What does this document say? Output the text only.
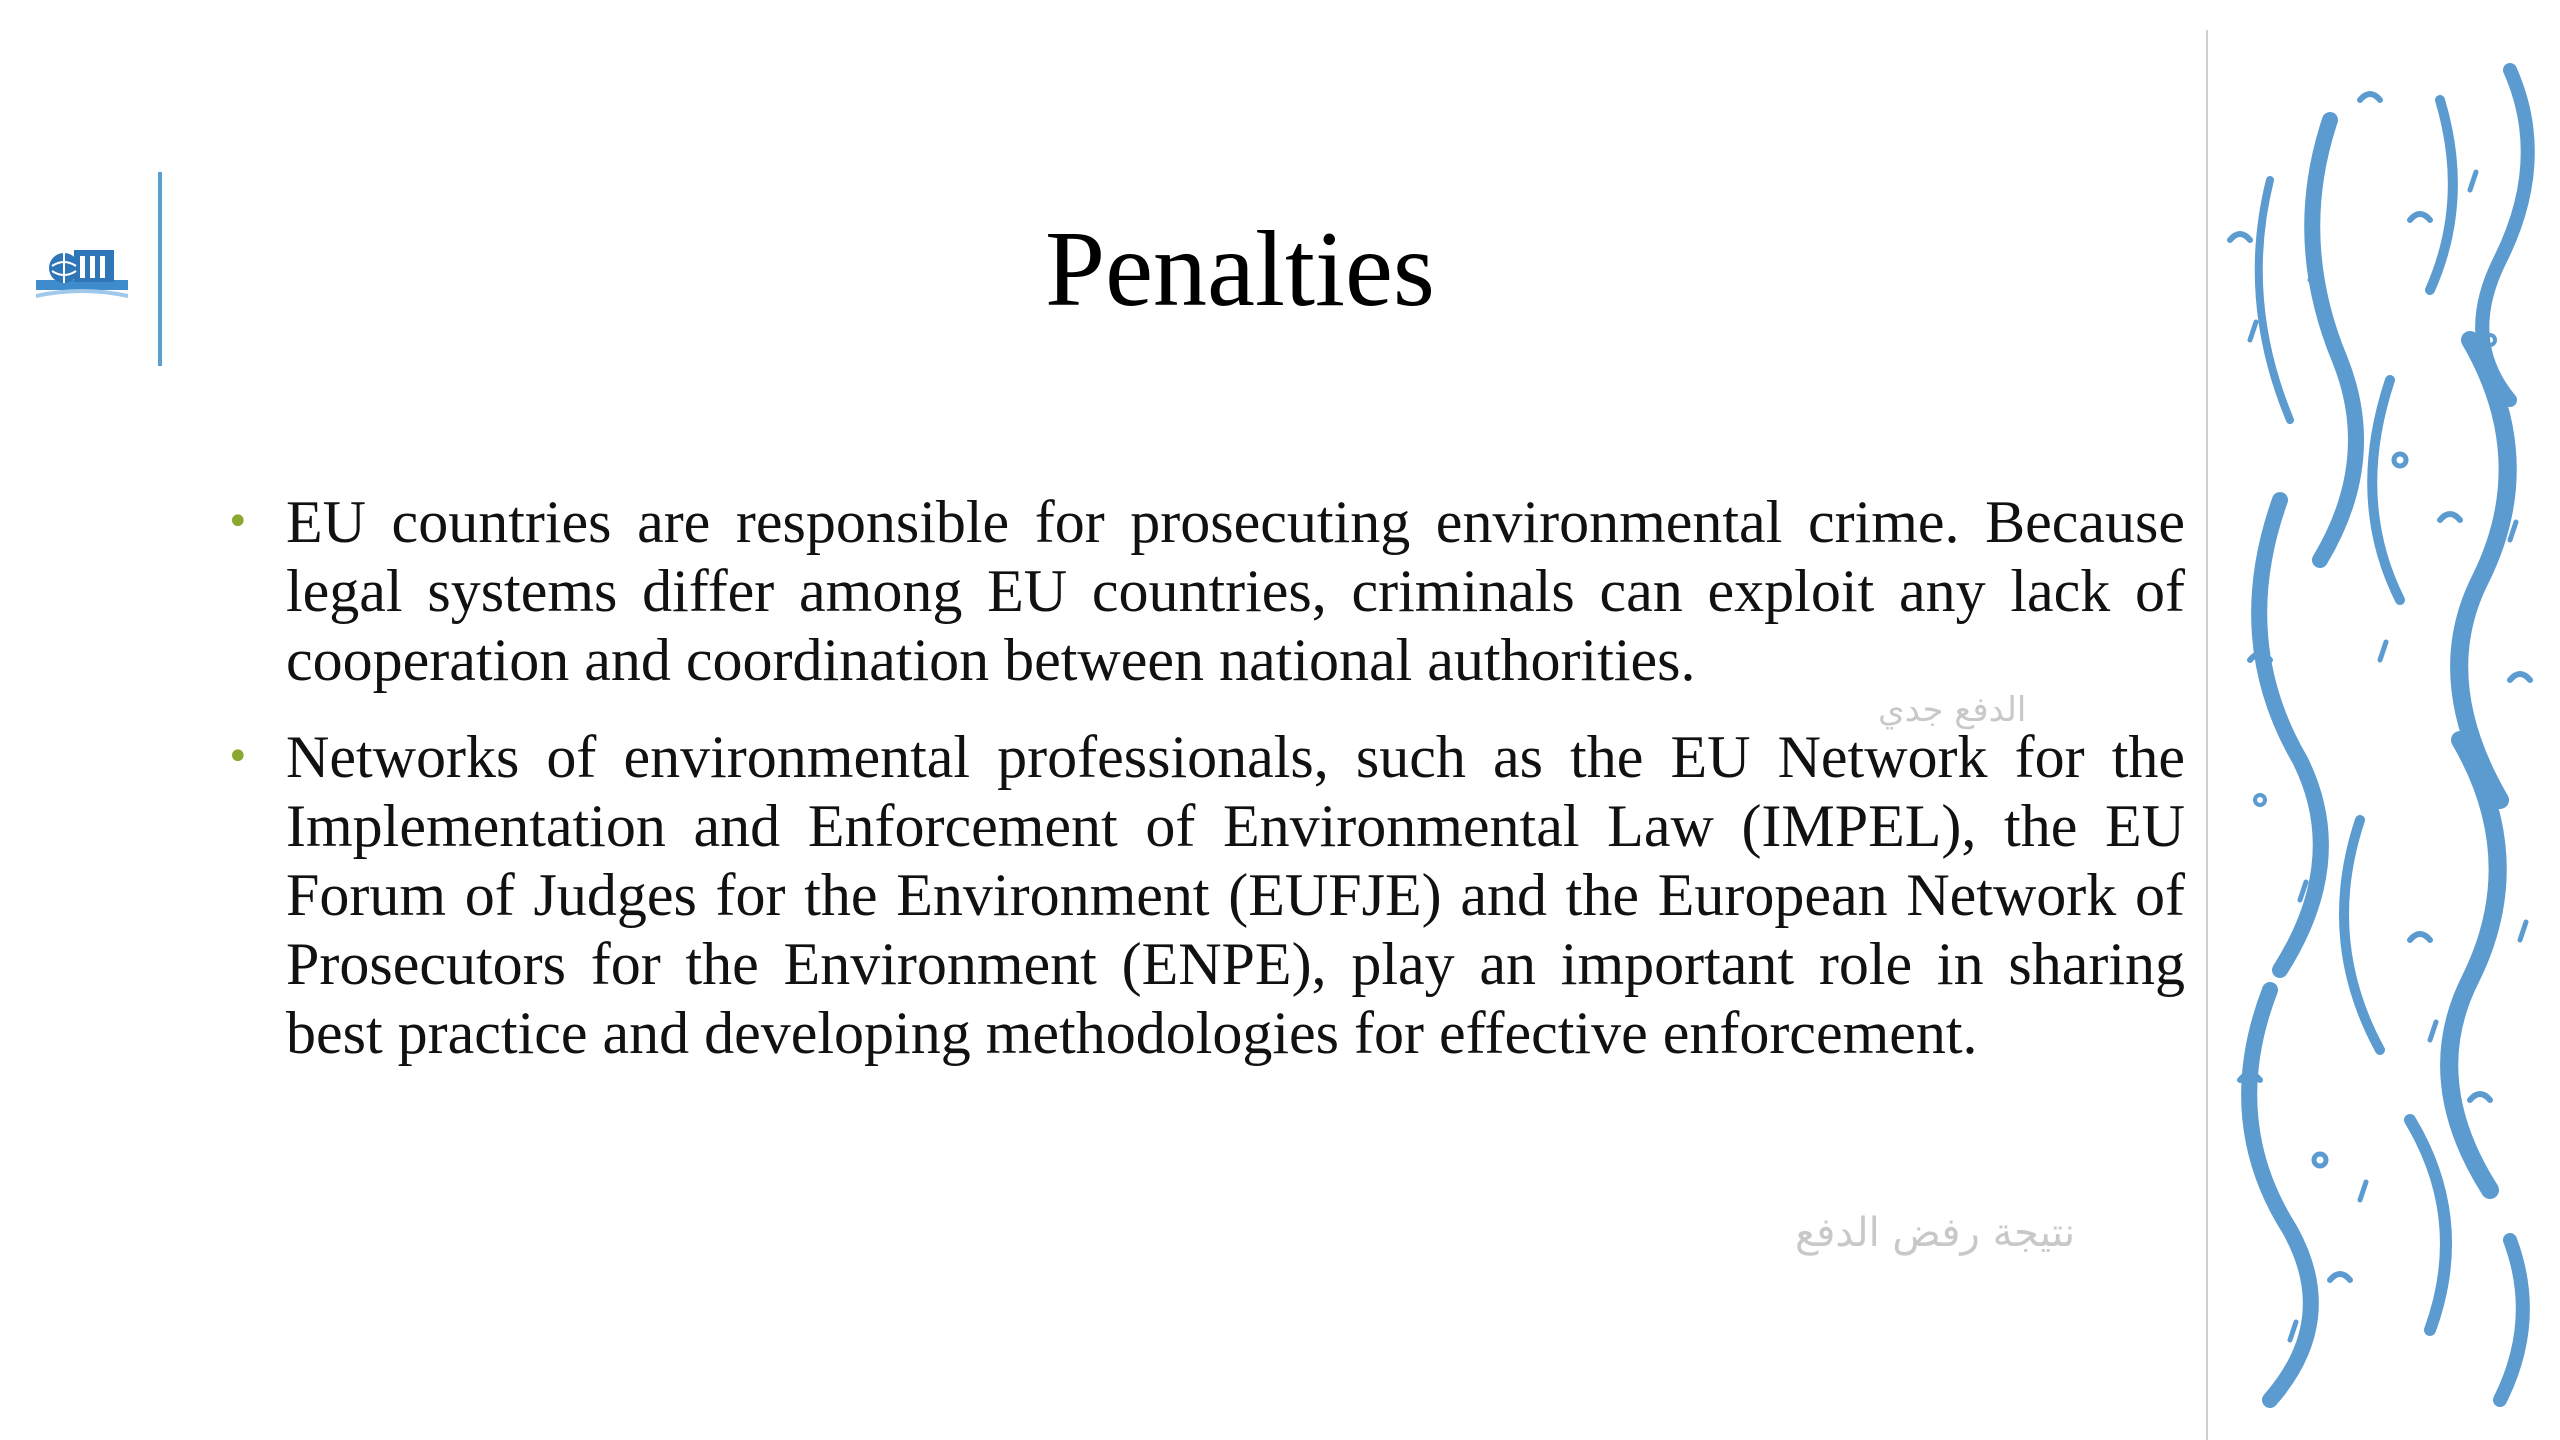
Penalties
• EU countries are responsible for prosecuting environmental crime. Because legal systems differ among EU countries, criminals can exploit any lack of cooperation and coordination between national authorities.
• Networks of environmental professionals, such as the EU Network for the Implementation and Enforcement of Environmental Law (IMPEL), the EU Forum of Judges for the Environment (EUFJE) and the European Network of Prosecutors for the Environment (ENPE), play an important role in sharing best practice and developing methodologies for effective enforcement.
الدفع جدي
نتيجة رفض الدفع
